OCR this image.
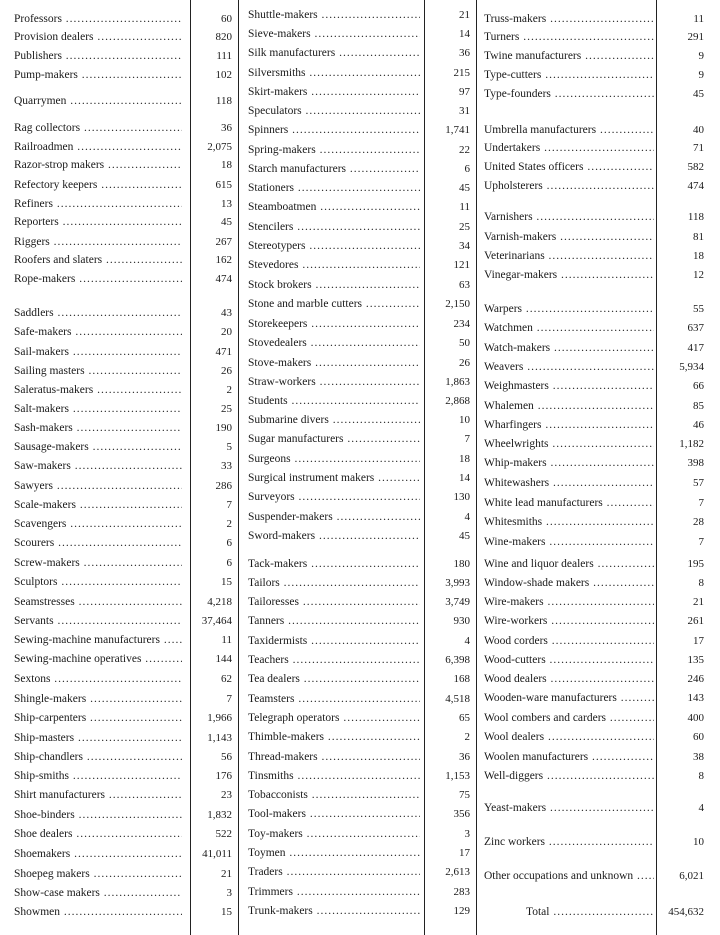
Professors .....	60
Provision dealers .....	820
Publishers .....	111
Pump-makers .....	102
Quarrymen .....	118
Rag collectors .....	36
Railroadmen .....	2,075
Razor-strop makers .....	18
Refectory keepers .....	615
Refiners .....	13
Reporters .....	45
Riggers .....	267
Roofers and slaters .....	162
Rope-makers .....	474
Saddlers .....	43
Safe-makers .....	20
Sail-makers .....	471
Sailing masters .....	26
Saleratus-makers .....	2
Salt-makers .....	25
Sash-makers .....	190
Sausage-makers .....	5
Saw-makers .....	33
Sawyers .....	286
Scale-makers .....	7
Scavengers .....	2
Scourers .....	6
Screw-makers .....	6
Sculptors .....	15
Seamstresses .....	4,218
Servants .....	37,464
Sewing-machine manufacturers .....	11
Sewing-machine operatives .....	144
Sextons .....	62
Shingle-makers .....	7
Ship-carpenters .....	1,966
Ship-masters .....	1,143
Ship-chandlers .....	56
Ship-smiths .....	176
Shirt manufacturers .....	23
Shoe-binders .....	1,832
Shoe dealers .....	522
Shoemakers .....	41,011
Shoepeg makers .....	21
Show-case makers .....	3
Showmen .....	15
Shuttle-makers .....	21
Sieve-makers .....	14
Silk manufacturers .....	36
Silversmiths .....	215
Skirt-makers .....	97
Speculators .....	31
Spinners .....	1,741
Spring-makers .....	22
Starch manufacturers .....	6
Stationers .....	45
Steamboatmen .....	11
Stencilers .....	25
Stereotypers .....	34
Stevedores .....	121
Stock brokers .....	63
Stone and marble cutters .....	2,150
Storekeepers .....	234
Stovedealers .....	50
Stove-makers .....	26
Straw-workers .....	1,863
Students .....	2,868
Submarine divers .....	10
Sugar manufacturers .....	7
Surgeons .....	18
Surgical instrument makers .....	14
Surveyors .....	130
Suspender-makers .....	4
Sword-makers .....	45
Tack-makers .....	180
Tailors .....	3,993
Tailoresses .....	3,749
Tanners .....	930
Taxidermists .....	4
Teachers .....	6,398
Tea dealers .....	168
Teamsters .....	4,518
Telegraph operators .....	65
Thimble-makers .....	2
Thread-makers .....	36
Tinsmiths .....	1,153
Tobacconists .....	75
Tool-makers .....	356
Toy-makers .....	3
Toymen .....	17
Traders .....	2,613
Trimmers .....	283
Trunk-makers .....	129
Truss-makers .....	11
Turners .....	291
Twine manufacturers .....	9
Type-cutters .....	9
Type-founders .....	45
Umbrella manufacturers .....	40
Undertakers .....	71
United States officers .....	582
Upholsterers .....	474
Varnishers .....	118
Varnish-makers .....	81
Veterinarians .....	18
Vinegar-makers .....	12
Warpers .....	55
Watchmen .....	637
Watch-makers .....	417
Weavers .....	5,934
Weighmasters .....	66
Whalemen .....	85
Wharfingers .....	46
Wheelwrights .....	1,182
Whip-makers .....	398
Whitewashers .....	57
White lead manufacturers .....	7
Whitesmiths .....	28
Wine-makers .....	7
Wine and liquor dealers .....	195
Window-shade makers .....	8
Wire-makers .....	21
Wire-workers .....	261
Wood corders .....	17
Wood-cutters .....	135
Wood dealers .....	246
Wooden-ware manufacturers .....	143
Wool combers and carders .....	400
Wool dealers .....	60
Woolen manufacturers .....	38
Well-diggers .....	8
Yeast-makers .....	4
Zinc workers .....	10
Other occupations and unknown .....	6,021
Total .....	454,632
